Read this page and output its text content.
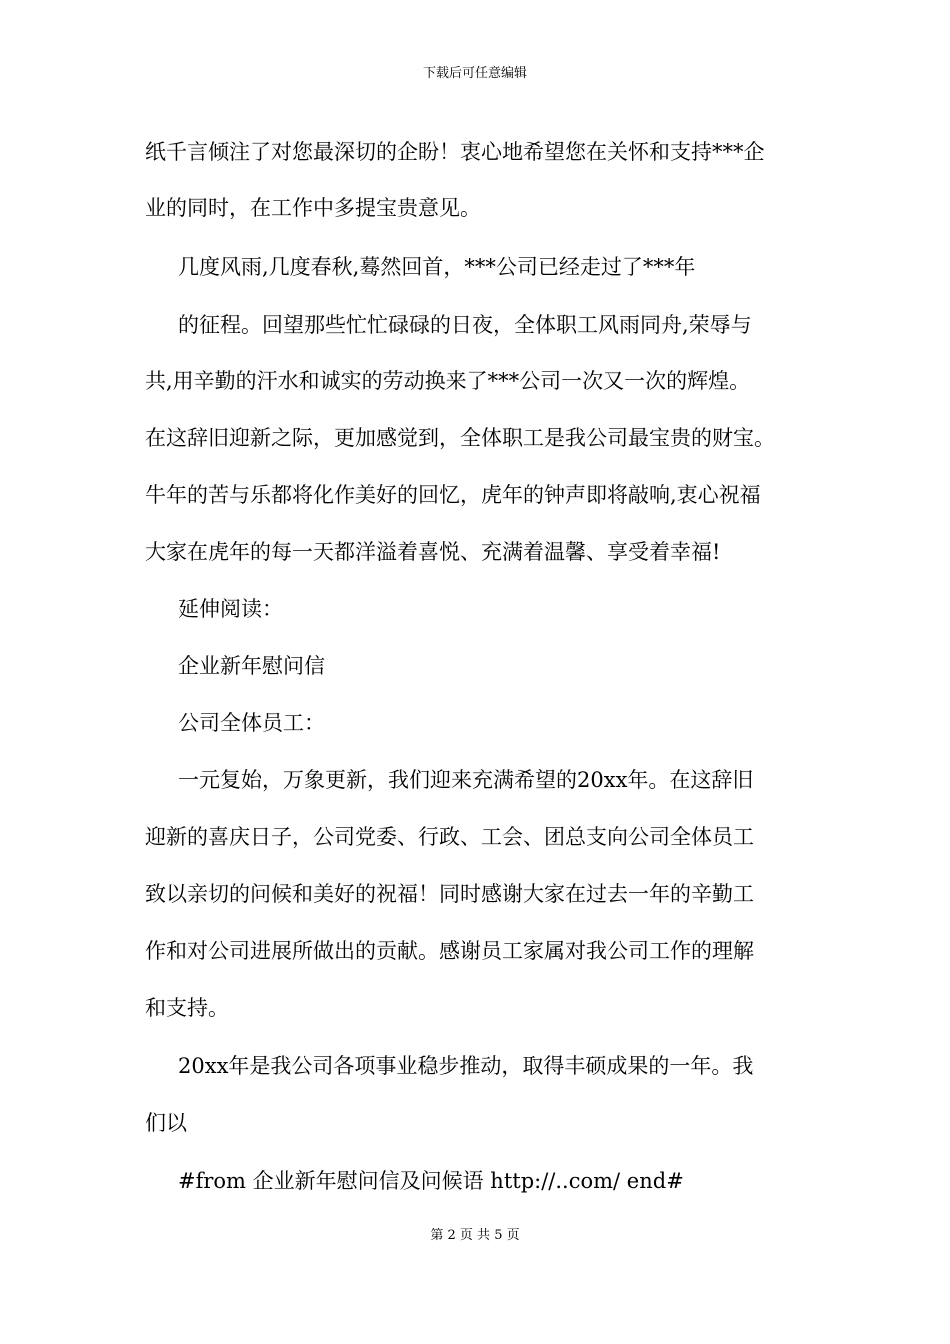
下载后可任意编辑
纸千言倾注了对您最深切的企盼！衷心地希望您在关怀和支持***企
业的同时，在工作中多提宝贵意见。
几度风雨,几度春秋,蓦然回首，***公司已经走过了***年
的征程。回望那些忙忙碌碌的日夜，全体职工风雨同舟,荣辱与
共,用辛勤的汗水和诚实的劳动换来了***公司一次又一次的辉煌。
在这辞旧迎新之际，更加感觉到，全体职工是我公司最宝贵的财宝。
牛年的苦与乐都将化作美好的回忆，虎年的钟声即将敲响,衷心祝福
大家在虎年的每一天都洋溢着喜悦、充满着温馨、享受着幸福!
延伸阅读：
企业新年慰问信
公司全体员工：
一元复始，万象更新，我们迎来充满希望的20xx年。在这辞旧
迎新的喜庆日子，公司党委、行政、工会、团总支向公司全体员工
致以亲切的问候和美好的祝福！同时感谢大家在过去一年的辛勤工
作和对公司进展所做出的贡献。感谢员工家属对我公司工作的理解
和支持。
20xx年是我公司各项事业稳步推动，取得丰硕成果的一年。我
们以
#from 企业新年慰问信及问候语 http://..com/ end#
第 2 页 共 5 页
